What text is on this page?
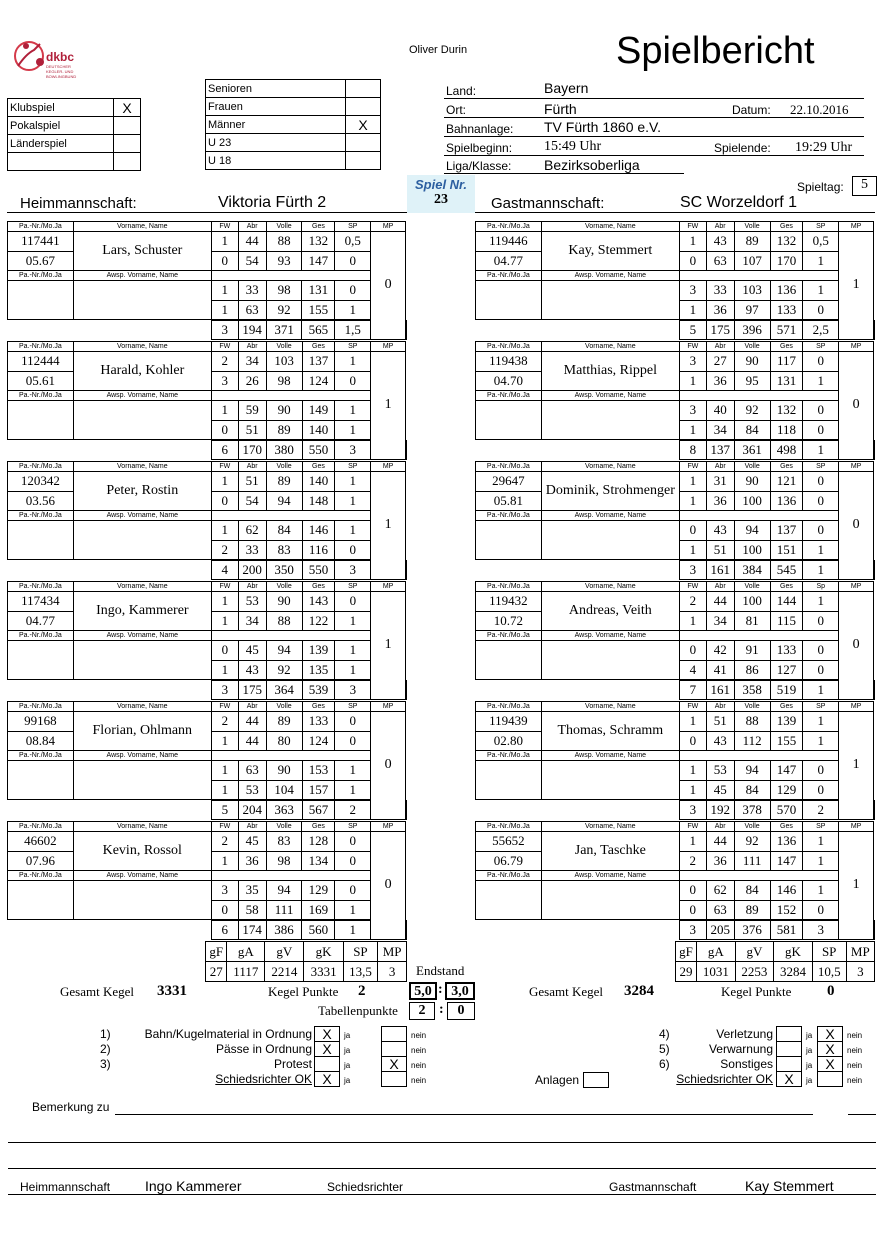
dkbc
DEUTSCHER KEGLER- UND BOWLINGBUND
Oliver Durin	Spielbericht
Klubspiel	X
Pokalspiel	
Länderspiel	

Senioren	
Frauen	
Männer	X
U 23	
U 18	
Land:	Bayern
Ort:	Fürth	Datum: 22.10.2016
Bahnanlage: TV Fürth 1860 e.V.
Spielbeginn: 15:49 Uhr	Spielende: 19:29 Uhr
Liga/Klasse: Bezirksoberliga
Spieltag:	5
Heimmannschaft:	Viktoria Fürth 2	Gastmannschaft:	SC Worzeldorf 1
Spiel Nr.
23
Pa.-Nr./Mo.Ja	Vorname, Name	FW	Abr	Volle	Ges	SP	MP	
117441	Lars, Schuster	1	44	88	132	0,5	0	
05.67		0	54	93	147	0		
Pa.-Nr./Mo.Ja	Awsp. Vorname, Name							
		1	33	98	131	0		
		1	63	92	155	1		
		3	194	371	565	1,5		
Pa.-Nr./Mo.Ja	Vorname, Name	FW	Abr	Volle	Ges	SP	MP	
112444	Harald, Kohler	2	34	103	137	1	1	
05.61		3	26	98	124	0		
Pa.-Nr./Mo.Ja	Awsp. Vorname, Name							
		1	59	90	149	1		
		0	51	89	140	1		
		6	170	380	550	3		
Pa.-Nr./Mo.Ja	Vorname, Name	FW	Abr	Volle	Ges	SP	MP	
120342	Peter, Rostin	1	51	89	140	1	1	
03.56		0	54	94	148	1		
Pa.-Nr./Mo.Ja	Awsp. Vorname, Name							
		1	62	84	146	1		
		2	33	83	116	0		
		4	200	350	550	3		
Pa.-Nr./Mo.Ja	Vorname, Name	FW	Abr	Volle	Ges	SP	MP	
117434	Ingo, Kammerer	1	53	90	143	0	1	
04.77		1	34	88	122	1		
Pa.-Nr./Mo.Ja	Awsp. Vorname, Name							
		0	45	94	139	1		
		1	43	92	135	1		
		3	175	364	539	3		
Pa.-Nr./Mo.Ja	Vorname, Name	FW	Abr	Volle	Ges	SP	MP	
99168	Florian, Ohlmann	2	44	89	133	0	0	
08.84		1	44	80	124	0		
Pa.-Nr./Mo.Ja	Awsp. Vorname, Name							
		1	63	90	153	1		
		1	53	104	157	1		
		5	204	363	567	2		
Pa.-Nr./Mo.Ja	Vorname, Name	FW	Abr	Volle	Ges	SP	MP	
46602	Kevin, Rossol	2	45	83	128	0	0	
07.96		1	36	98	134	0		
Pa.-Nr./Mo.Ja	Awsp. Vorname, Name							
		3	35	94	129	0		
		0	58	111	169	1		
		6	174	386	560	1		
Pa.-Nr./Mo.Ja	Vorname, Name	FW	Abr	Volle	Ges	SP	MP	
119446	Kay, Stemmert	1	43	89	132	0,5	1	
04.77		0	63	107	170	1		
Pa.-Nr./Mo.Ja	Awsp. Vorname, Name							
		3	33	103	136	1		
		1	36	97	133	0		
		5	175	396	571	2,5		
Pa.-Nr./Mo.Ja	Vorname, Name	FW	Abr	Volle	Ges	SP	MP	
119438	Matthias, Rippel	3	27	90	117	0	0	
04.70		1	36	95	131	1		
Pa.-Nr./Mo.Ja	Awsp. Vorname, Name							
		3	40	92	132	0		
		1	34	84	118	0		
		8	137	361	498	1		
Pa.-Nr./Mo.Ja	Vorname, Name	FW	Abr	Volle	Ges	SP	MP	
29647	Dominik, Strohmenger	1	31	90	121	0	0	
05.81		1	36	100	136	0		
Pa.-Nr./Mo.Ja	Awsp. Vorname, Name							
		0	43	94	137	0		
		1	51	100	151	1		
		3	161	384	545	1		
Pa.-Nr./Mo.Ja	Vorname, Name	FW	Abr	Volle	Ges	Sp	MP	
119432	Andreas, Veith	2	44	100	144	1	0	
10.72		1	34	81	115	0		
Pa.-Nr./Mo.Ja	Awsp. Vorname, Name							
		0	42	91	133	0		
		4	41	86	127	0		
		7	161	358	519	1		
Pa.-Nr./Mo.Ja	Vorname, Name	FW	Abr	Volle	Ges	SP	MP	
119439	Thomas, Schramm	1	51	88	139	1	1	
02.80		0	43	112	155	1		
Pa.-Nr./Mo.Ja	Awsp. Vorname, Name							
		1	53	94	147	0		
		1	45	84	129	0		
		3	192	378	570	2		
Pa.-Nr./Mo.Ja	Vorname, Name	FW	Abr	Volle	Ges	SP	MP	
55652	Jan, Taschke	1	44	92	136	1	1	
06.79		2	36	111	147	1		
Pa.-Nr./Mo.Ja	Awsp. Vorname, Name							
		0	62	84	146	1		
		0	63	89	152	0		
		3	205	376	581	3		
gF	gA	gV	gK	SP	MP
27	1117	2214	3331	13,5	3
gF	gA	gV	gK	SP	MP
29	1031	2253	3284	10,5	3
Endstand
5,0 : 3,0
Tabellenpunkte	2 : 0
Gesamt Kegel 3331	Kegel Punkte 2	Gesamt Kegel 3284	Kegel Punkte 0
1)	Bahn/Kugelmaterial in Ordnung X	ja	nein	4)	Verletzung	ja X	nein
2)	Pässe in Ordnung X	ja	nein	5)	Verwarnung	ja X	nein
3)	Protest	ja	X	nein	6)	Sonstiges	ja X	nein
Schiedsrichter OK X	ja	nein	Schiedsrichter OK X	ja	nein
Anlagen
Bemerkung zu
Heimmannschaft Ingo Kammerer	Schiedsrichter	Gastmannschaft	Kay Stemmert
